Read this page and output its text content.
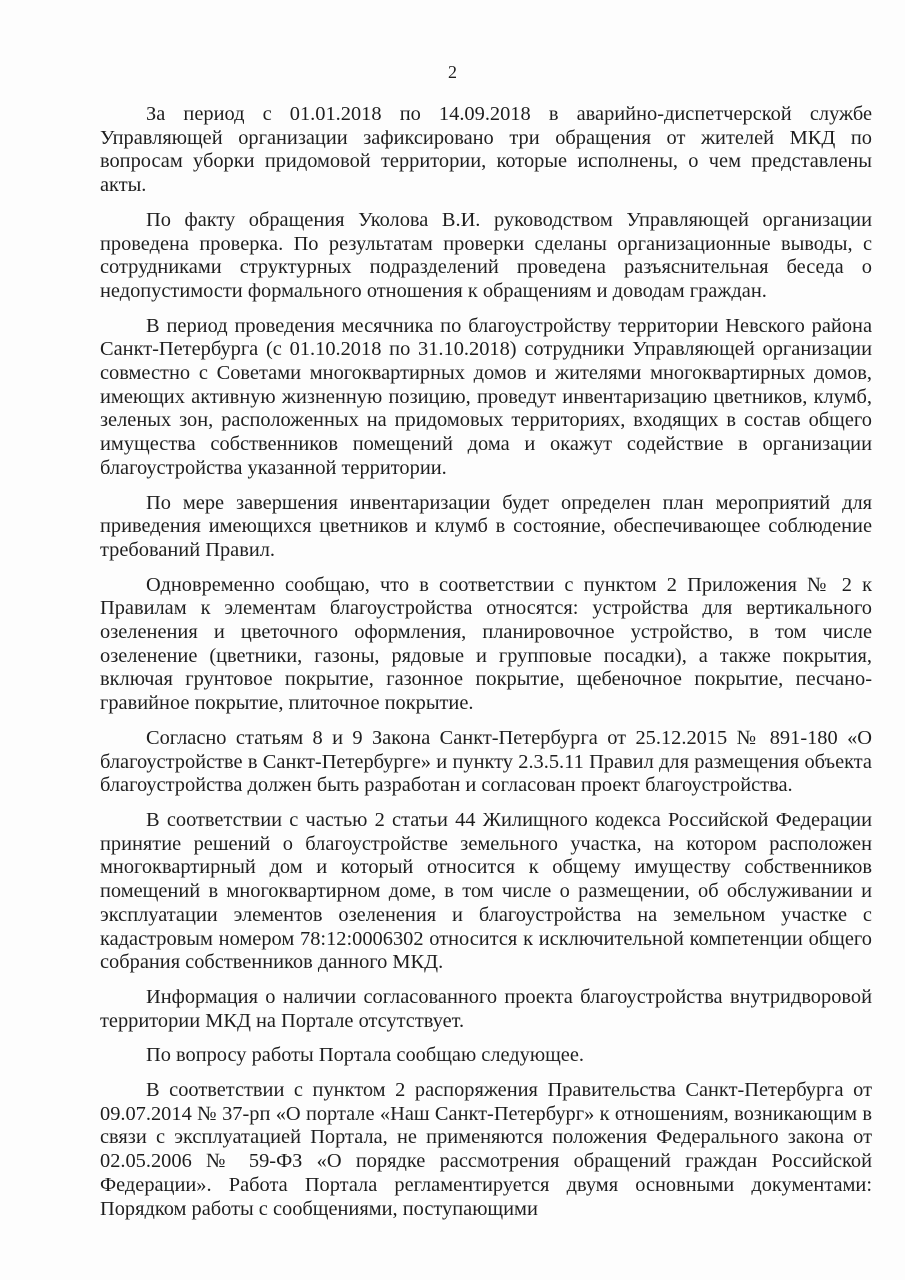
2

За период с 01.01.2018 по 14.09.2018 в аварийно-диспетчерской службе Управляющей организации зафиксировано три обращения от жителей МКД по вопросам уборки придомовой территории, которые исполнены, о чем представлены акты.

По факту обращения Уколова В.И. руководством Управляющей организации проведена проверка. По результатам проверки сделаны организационные выводы, с сотрудниками структурных подразделений проведена разъяснительная беседа о недопустимости формального отношения к обращениям и доводам граждан.

В период проведения месячника по благоустройству территории Невского района Санкт-Петербурга (с 01.10.2018 по 31.10.2018) сотрудники Управляющей организации совместно с Советами многоквартирных домов и жителями многоквартирных домов, имеющих активную жизненную позицию, проведут инвентаризацию цветников, клумб, зеленых зон, расположенных на придомовых территориях, входящих в состав общего имущества собственников помещений дома и окажут содействие в организации благоустройства указанной территории.

По мере завершения инвентаризации будет определен план мероприятий для приведения имеющихся цветников и клумб в состояние, обеспечивающее соблюдение требований Правил.

Одновременно сообщаю, что в соответствии с пунктом 2 Приложения № 2 к Правилам к элементам благоустройства относятся: устройства для вертикального озеленения и цветочного оформления, планировочное устройство, в том числе озеленение (цветники, газоны, рядовые и групповые посадки), а также покрытия, включая грунтовое покрытие, газонное покрытие, щебеночное покрытие, песчано-гравийное покрытие, плиточное покрытие.

Согласно статьям 8 и 9 Закона Санкт-Петербурга от 25.12.2015 № 891-180 «О благоустройстве в Санкт-Петербурге» и пункту 2.3.5.11 Правил для размещения объекта благоустройства должен быть разработан и согласован проект благоустройства.

В соответствии с частью 2 статьи 44 Жилищного кодекса Российской Федерации принятие решений о благоустройстве земельного участка, на котором расположен многоквартирный дом и который относится к общему имуществу собственников помещений в многоквартирном доме, в том числе о размещении, об обслуживании и эксплуатации элементов озеленения и благоустройства на земельном участке с кадастровым номером 78:12:0006302 относится к исключительной компетенции общего собрания собственников данного МКД.

Информация о наличии согласованного проекта благоустройства внутридворовой территории МКД на Портале отсутствует.

По вопросу работы Портала сообщаю следующее.

В соответствии с пунктом 2 распоряжения Правительства Санкт-Петербурга от 09.07.2014 № 37-рп «О портале «Наш Санкт-Петербург» к отношениям, возникающим в связи с эксплуатацией Портала, не применяются положения Федерального закона от 02.05.2006 № 59-ФЗ «О порядке рассмотрения обращений граждан Российской Федерации». Работа Портала регламентируется двумя основными документами: Порядком работы с сообщениями, поступающими
